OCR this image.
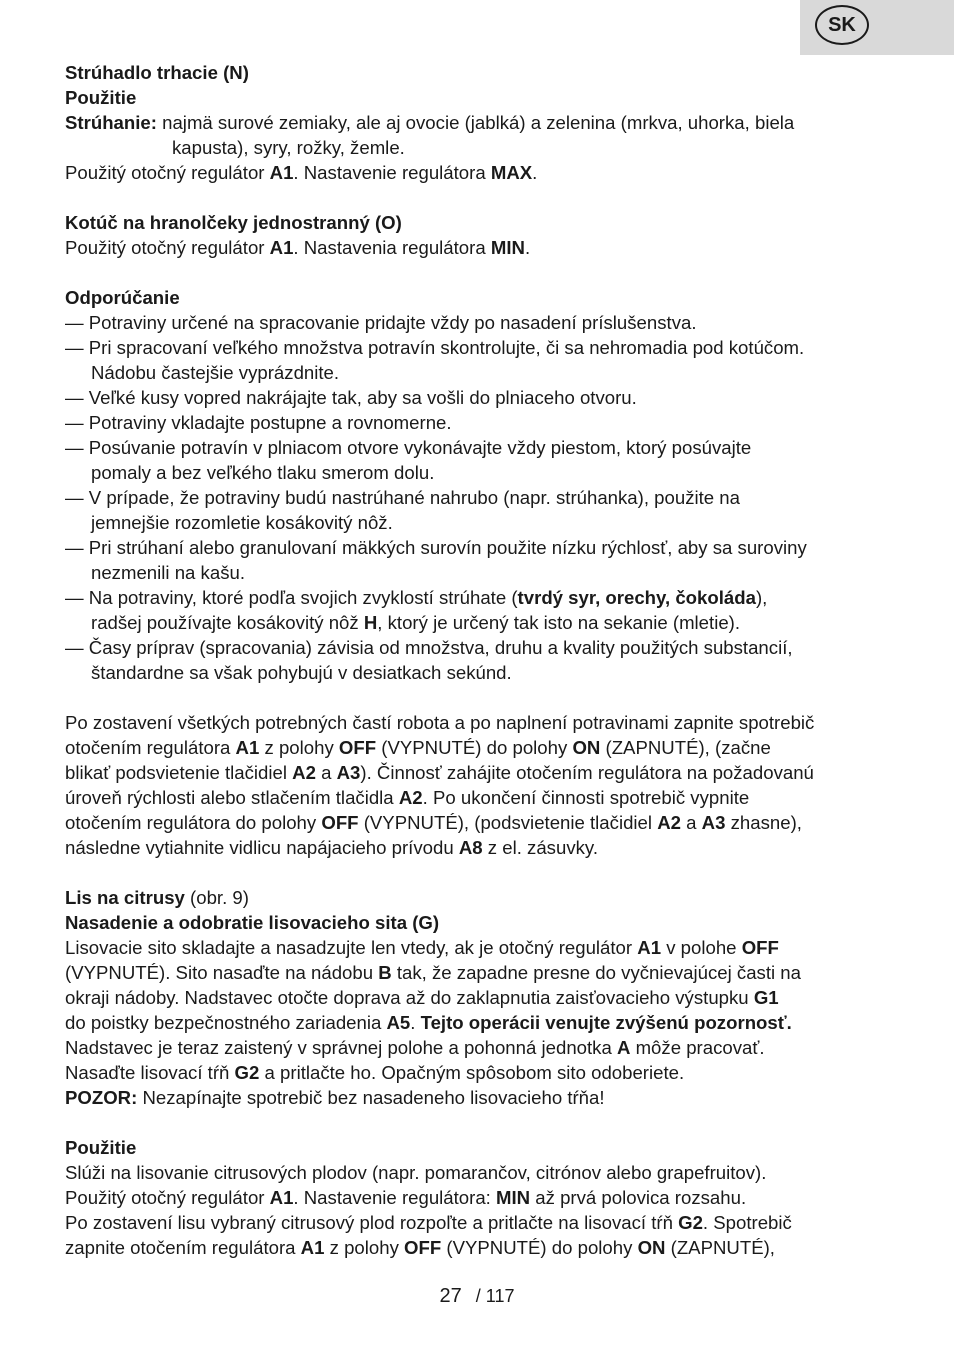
SK

Strúhadlo trhacie (N)

Použitie

Strúhanie: najmä surové zemiaky, ale aj ovocie (jablká) a zelenina (mrkva, uhorka, biela

kapusta), syry, rožky, žemle.

Použitý otočný regulátor A1. Nastavenie regulátora MAX.

Kotúč na hranolčeky jednostranný (O)

Použitý otočný regulátor A1. Nastavenia regulátora MIN.

Odporúčanie

— Potraviny určené na spracovanie pridajte vždy po nasadení príslušenstva.

— Pri spracovaní veľkého množstva potravín skontrolujte, či sa nehromadia pod kotúčom.

Nádobu častejšie vyprázdnite.

— Veľké kusy vopred nakrájajte tak, aby sa vošli do plniaceho otvoru.

— Potraviny vkladajte postupne a rovnomerne.

— Posúvanie potravín v plniacom otvore vykonávajte vždy piestom, ktorý posúvajte

pomaly a bez veľkého tlaku smerom dolu.

— V prípade, že potraviny budú nastrúhané nahrubo (napr. strúhanka), použite na

jemnejšie rozomletie kosákovitý nôž.

— Pri strúhaní alebo granulovaní mäkkých surovín použite nízku rýchlosť, aby sa suroviny

nezmenili na kašu.

— Na potraviny, ktoré podľa svojich zvyklostí strúhate (tvrdý syr, orechy, čokoláda),

radšej používajte kosákovitý nôž H, ktorý je určený tak isto na sekanie (mletie).

— Časy príprav (spracovania) závisia od množstva, druhu a kvality použitých substancií,

štandardne sa však pohybujú v desiatkach sekúnd.

Po zostavení všetkých potrebných častí robota a po naplnení potravinami zapnite spotrebič

otočením regulátora A1 z polohy OFF (VYPNUTÉ) do polohy ON (ZAPNUTÉ), (začne

blikať podsvietenie tlačidiel A2 a A3). Činnosť zahájite otočením regulátora na požadovanú

úroveň rýchlosti alebo stlačením tlačidla A2. Po ukončení činnosti spotrebič vypnite

otočením regulátora do polohy OFF (VYPNUTÉ), (podsvietenie tlačidiel A2 a A3 zhasne),

následne vytiahnite vidlicu napájacieho prívodu A8 z el. zásuvky.

Lis na citrusy (obr. 9)

Nasadenie a odobratie lisovacieho sita (G)

Lisovacie sito skladajte a nasadzujte len vtedy, ak je otočný regulátor A1 v polohe OFF

(VYPNUTÉ). Sito nasaďte na nádobu B tak, že zapadne presne do vyčnievajúcej časti na

okraji nádoby. Nadstavec otočte doprava až do zaklapnutia zaisťovacieho výstupku G1

do poistky bezpečnostného zariadenia A5. Tejto operácii venujte zvýšenú pozornosť.

Nadstavec je teraz zaistený v správnej polohe a pohonná jednotka A môže pracovať.

Nasaďte lisovací tŕň G2 a pritlačte ho. Opačným spôsobom sito odoberiete.

POZOR: Nezapínajte spotrebič bez nasadeneho lisovacieho tŕňa!

Použitie

Slúži na lisovanie citrusových plodov (napr. pomarančov, citrónov alebo grapefruitov).

Použitý otočný regulátor A1. Nastavenie regulátora: MIN až prvá polovica rozsahu.

Po zostavení lisu vybraný citrusový plod rozpoľte a pritlačte na lisovací tŕň G2. Spotrebič

zapnite otočením regulátora A1 z polohy OFF (VYPNUTÉ) do polohy ON (ZAPNUTÉ),

27 / 117
